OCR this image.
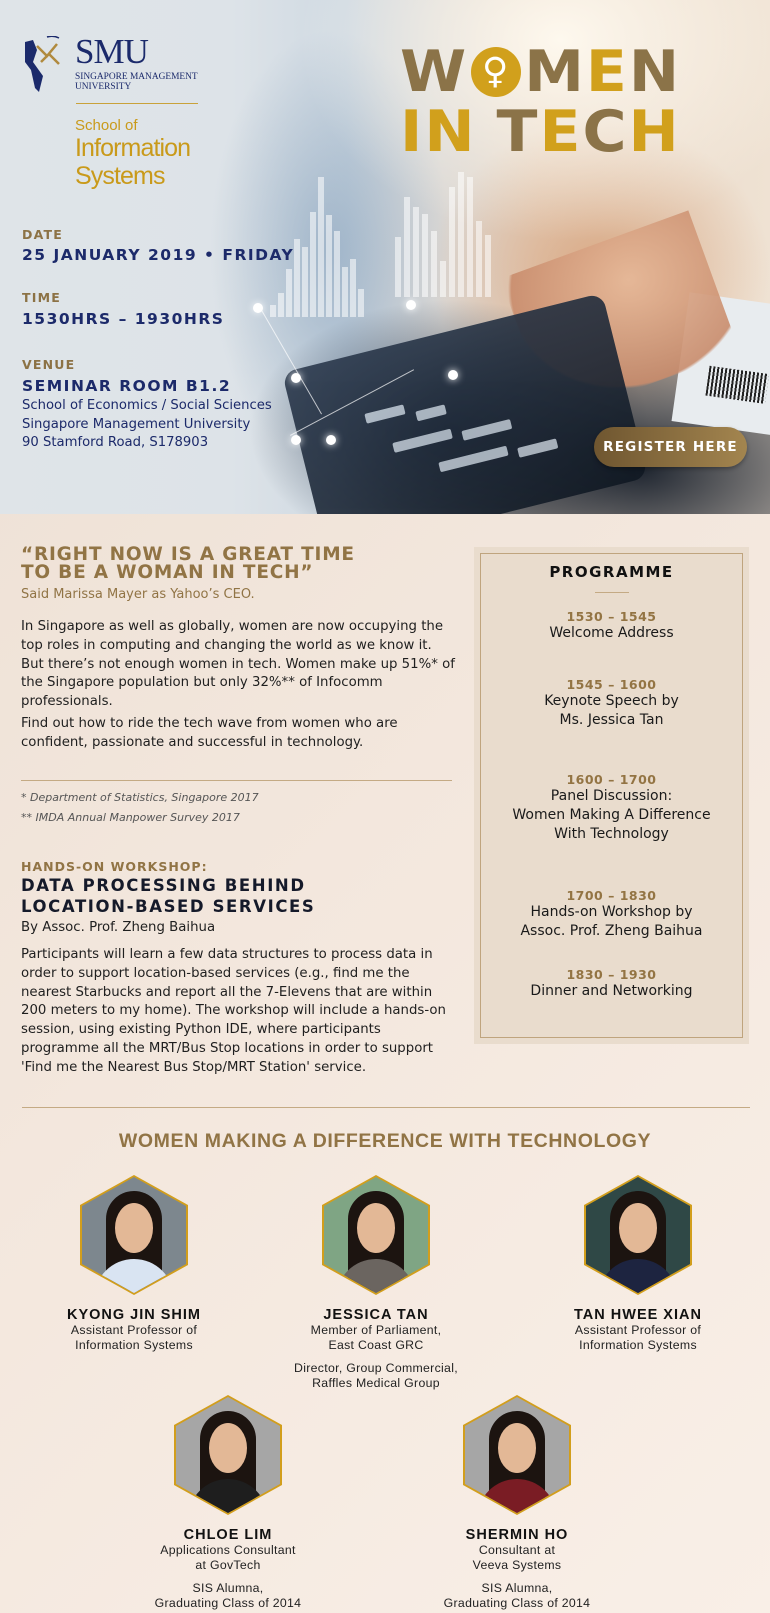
SMU
SINGAPORE MANAGEMENT
UNIVERSITY
School of
Information
Systems
DATE
25 JANUARY 2019 • FRIDAY
TIME
1530HRS – 1930HRS
VENUE
SEMINAR ROOM B1.2
School of Economics / Social Sciences
Singapore Management University
90 Stamford Road, S178903
W ♀ M E N
I N T E C H
REGISTER HERE
“RIGHT NOW IS A GREAT TIME
TO BE A WOMAN IN TECH”
Said Marissa Mayer as Yahoo’s CEO.
In Singapore as well as globally, women are now occupying the top roles in computing and changing the world as we know it. But there’s not enough women in tech. Women make up 51%* of the Singapore population but only 32%** of Infocomm professionals.
Find out how to ride the tech wave from women who are confident, passionate and successful in technology.
* Department of Statistics, Singapore 2017
** IMDA Annual Manpower Survey 2017
HANDS-ON WORKSHOP:
DATA PROCESSING BEHIND
LOCATION-BASED SERVICES
By Assoc. Prof. Zheng Baihua
Participants will learn a few data structures to process data in order to support location-based services (e.g., find me the nearest Starbucks and report all the 7-Elevens that are within 200 meters to my home). The workshop will include a hands-on session, using existing Python IDE, where participants programme all the MRT/Bus Stop locations in order to support 'Find me the Nearest Bus Stop/MRT Station' service.
PROGRAMME
1530 – 1545
Welcome Address
1545 – 1600
Keynote Speech by
Ms. Jessica Tan
1600 – 1700
Panel Discussion:
Women Making A Difference
With Technology
1700 – 1830
Hands-on Workshop by
Assoc. Prof. Zheng Baihua
1830 – 1930
Dinner and Networking
WOMEN MAKING A DIFFERENCE WITH TECHNOLOGY
KYONG JIN SHIM
Assistant Professor of
Information Systems
JESSICA TAN
Member of Parliament,
East Coast GRC
Director, Group Commercial,
Raffles Medical Group
TAN HWEE XIAN
Assistant Professor of
Information Systems
CHLOE LIM
Applications Consultant
at GovTech
SIS Alumna,
Graduating Class of 2014
SHERMIN HO
Consultant at
Veeva Systems
SIS Alumna,
Graduating Class of 2014
